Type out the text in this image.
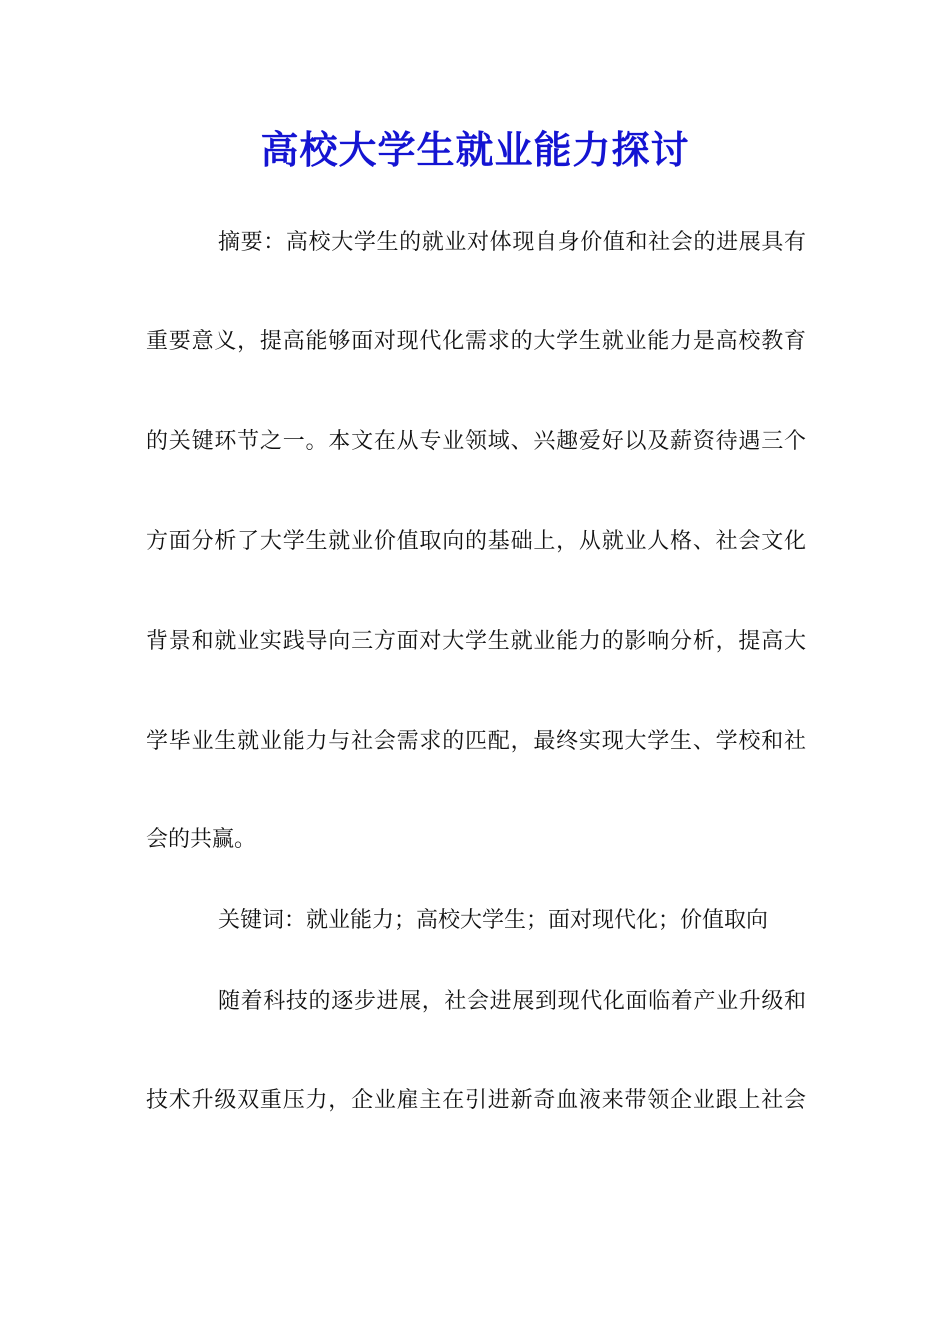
高校大学生就业能力探讨

摘要：高校大学生的就业对体现自身价值和社会的进展具有

重要意义，提高能够面对现代化需求的大学生就业能力是高校教育

的关键环节之一。本文在从专业领域、兴趣爱好以及薪资待遇三个

方面分析了大学生就业价值取向的基础上，从就业人格、社会文化

背景和就业实践导向三方面对大学生就业能力的影响分析，提高大

学毕业生就业能力与社会需求的匹配，最终实现大学生、学校和社

会的共赢。

关键词：就业能力；高校大学生；面对现代化；价值取向

随着科技的逐步进展，社会进展到现代化面临着产业升级和

技术升级双重压力，企业雇主在引进新奇血液来带领企业跟上社会
